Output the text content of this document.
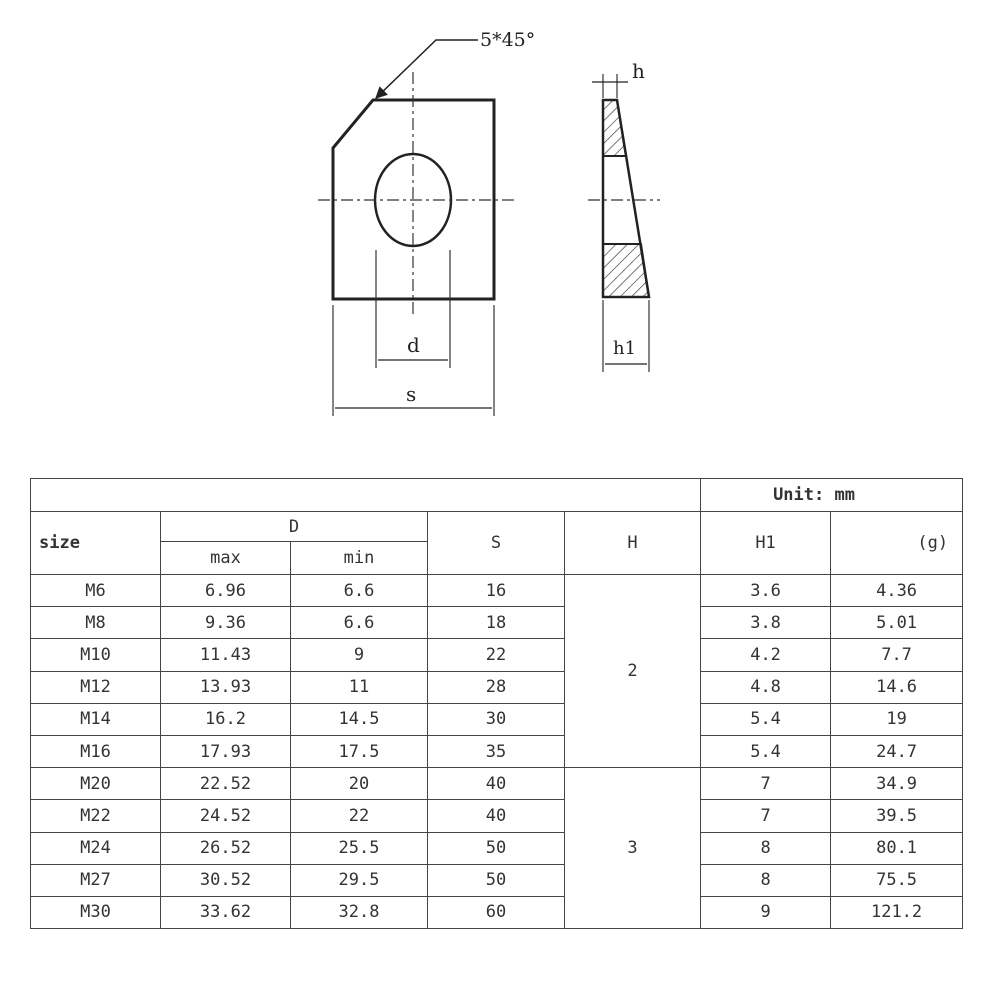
5*45°
d
s
h
h1
					Unit: mm	
size	D		S	H	H1	(g)
	max	min				
M6	6.96	6.6	16	2	3.6	4.36
M8	9.36	6.6	18		3.8	5.01
M10	11.43	9	22		4.2	7.7
M12	13.93	11	28		4.8	14.6
M14	16.2	14.5	30		5.4	19
M16	17.93	17.5	35		5.4	24.7
M20	22.52	20	40	3	7	34.9
M22	24.52	22	40		7	39.5
M24	26.52	25.5	50		8	80.1
M27	30.52	29.5	50		8	75.5
M30	33.62	32.8	60		9	121.2
